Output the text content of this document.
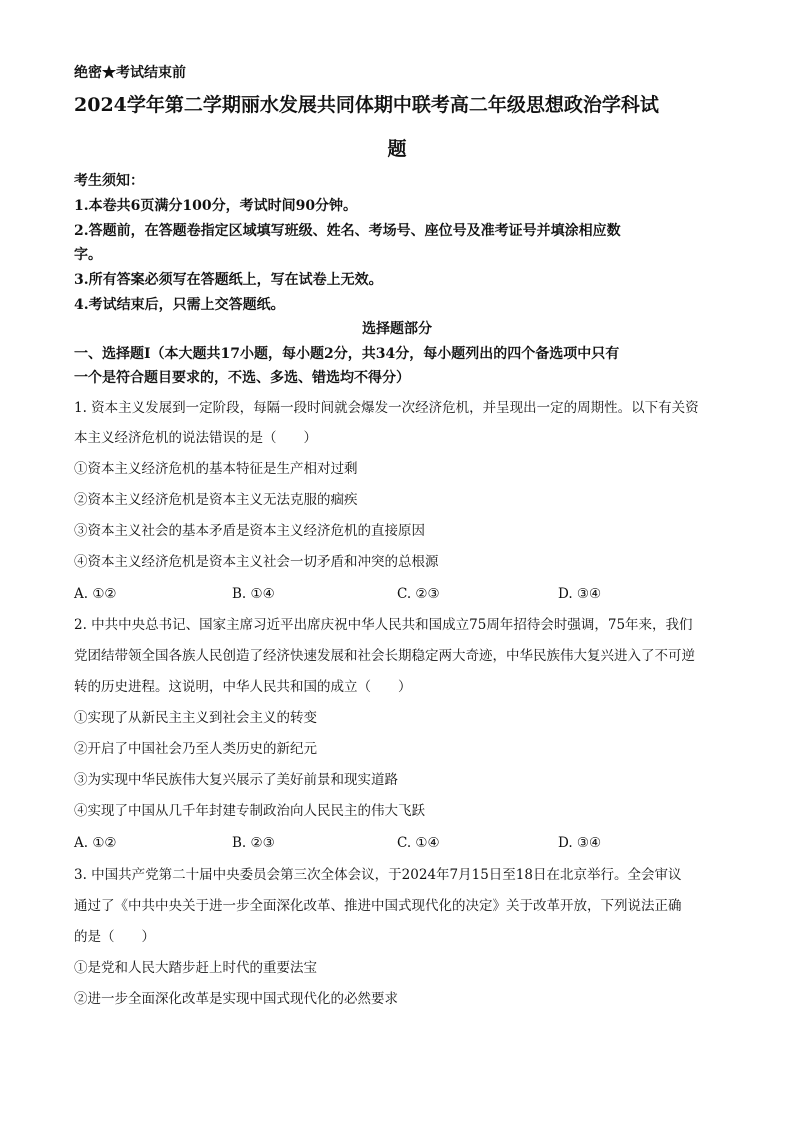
绝密★考试结束前
2024学年第二学期丽水发展共同体期中联考高二年级思想政治学科试
题
考生须知：
1.本卷共6页满分100分，考试时间90分钟。
2.答题前，在答题卷指定区域填写班级、姓名、考场号、座位号及准考证号并填涂相应数
字。
3.所有答案必须写在答题纸上，写在试卷上无效。
4.考试结束后，只需上交答题纸。
选择题部分
一、选择题Ⅰ（本大题共17小题，每小题2分，共34分，每小题列出的四个备选项中只有
一个是符合题目要求的，不选、多选、错选均不得分）
1. 资本主义发展到一定阶段，每隔一段时间就会爆发一次经济危机，并呈现出一定的周期性。以下有关资
本主义经济危机的说法错误的是（　　）
①资本主义经济危机的基本特征是生产相对过剩
②资本主义经济危机是资本主义无法克服的痼疾
③资本主义社会的基本矛盾是资本主义经济危机的直接原因
④资本主义经济危机是资本主义社会一切矛盾和冲突的总根源
A. ①②	B. ①④	C. ②③	D. ③④
2. 中共中央总书记、国家主席习近平出席庆祝中华人民共和国成立75周年招待会时强调，75年来，我们
党团结带领全国各族人民创造了经济快速发展和社会长期稳定两大奇迹，中华民族伟大复兴进入了不可逆
转的历史进程。这说明，中华人民共和国的成立（　　）
①实现了从新民主主义到社会主义的转变
②开启了中国社会乃至人类历史的新纪元
③为实现中华民族伟大复兴展示了美好前景和现实道路
④实现了中国从几千年封建专制政治向人民民主的伟大飞跃
A. ①②	B. ②③	C. ①④	D. ③④
3. 中国共产党第二十届中央委员会第三次全体会议，于2024年7月15日至18日在北京举行。全会审议
通过了《中共中央关于进一步全面深化改革、推进中国式现代化的决定》关于改革开放，下列说法正确
的是（　　）
①是党和人民大踏步赶上时代的重要法宝
②进一步全面深化改革是实现中国式现代化的必然要求
